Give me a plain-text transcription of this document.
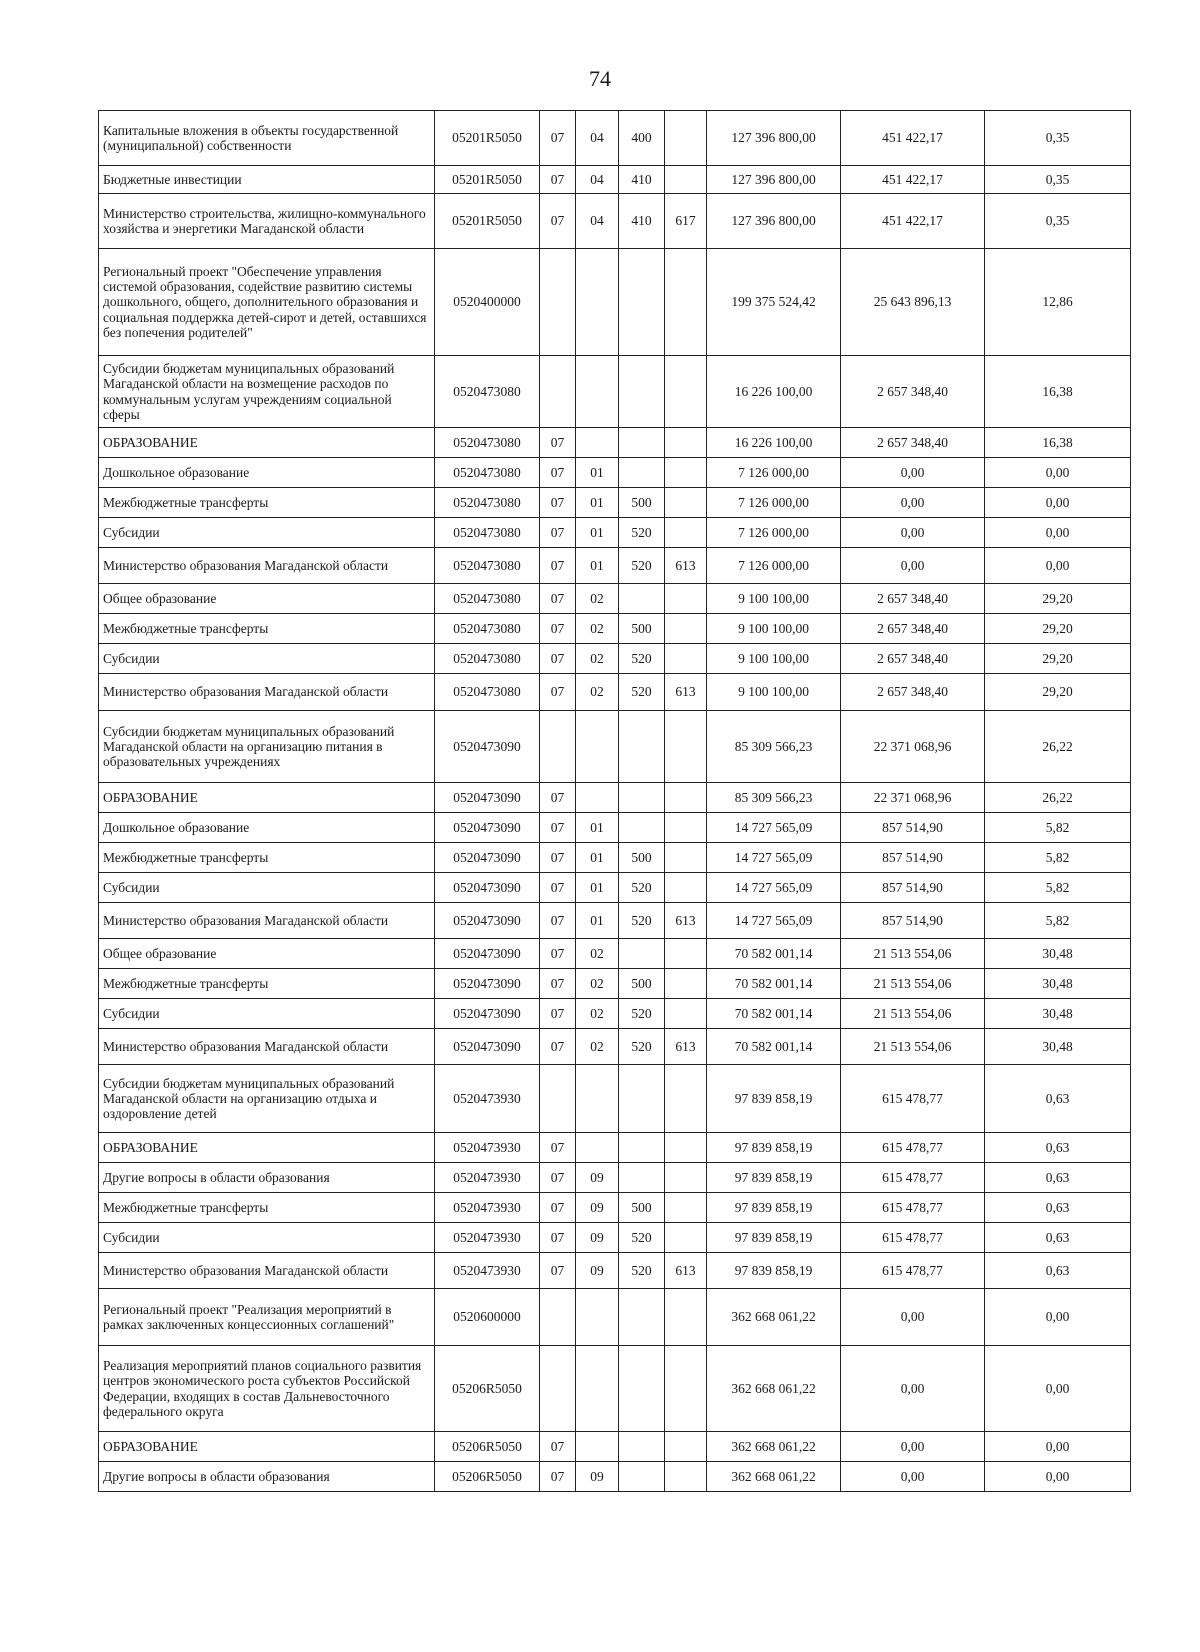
74
Капитальные вложения в объекты государственной (муниципальной) собственности	05201R5050	07	04	400		127 396 800,00	451 422,17	0,35
Бюджетные инвестиции	05201R5050	07	04	410		127 396 800,00	451 422,17	0,35
Министерство строительства, жилищно-коммунального хозяйства и энергетики Магаданской области	05201R5050	07	04	410	617	127 396 800,00	451 422,17	0,35
Региональный проект "Обеспечение управления системой образования, содействие развитию системы дошкольного, общего, дополнительного образования и социальная поддержка детей-сирот и детей, оставшихся без попечения родителей"	0520400000					199 375 524,42	25 643 896,13	12,86
Субсидии бюджетам муниципальных образований Магаданской области на возмещение расходов по коммунальным услугам учреждениям социальной сферы	0520473080					16 226 100,00	2 657 348,40	16,38
ОБРАЗОВАНИЕ	0520473080	07				16 226 100,00	2 657 348,40	16,38
Дошкольное образование	0520473080	07	01			7 126 000,00	0,00	0,00
Межбюджетные трансферты	0520473080	07	01	500		7 126 000,00	0,00	0,00
Субсидии	0520473080	07	01	520		7 126 000,00	0,00	0,00
Министерство образования Магаданской области	0520473080	07	01	520	613	7 126 000,00	0,00	0,00
Общее образование	0520473080	07	02			9 100 100,00	2 657 348,40	29,20
Межбюджетные трансферты	0520473080	07	02	500		9 100 100,00	2 657 348,40	29,20
Субсидии	0520473080	07	02	520		9 100 100,00	2 657 348,40	29,20
Министерство образования Магаданской области	0520473080	07	02	520	613	9 100 100,00	2 657 348,40	29,20
Субсидии бюджетам муниципальных образований Магаданской области на организацию питания в образовательных учреждениях	0520473090					85 309 566,23	22 371 068,96	26,22
ОБРАЗОВАНИЕ	0520473090	07				85 309 566,23	22 371 068,96	26,22
Дошкольное образование	0520473090	07	01			14 727 565,09	857 514,90	5,82
Межбюджетные трансферты	0520473090	07	01	500		14 727 565,09	857 514,90	5,82
Субсидии	0520473090	07	01	520		14 727 565,09	857 514,90	5,82
Министерство образования Магаданской области	0520473090	07	01	520	613	14 727 565,09	857 514,90	5,82
Общее образование	0520473090	07	02			70 582 001,14	21 513 554,06	30,48
Межбюджетные трансферты	0520473090	07	02	500		70 582 001,14	21 513 554,06	30,48
Субсидии	0520473090	07	02	520		70 582 001,14	21 513 554,06	30,48
Министерство образования Магаданской области	0520473090	07	02	520	613	70 582 001,14	21 513 554,06	30,48
Субсидии бюджетам муниципальных образований Магаданской области на организацию отдыха и оздоровление детей	0520473930					97 839 858,19	615 478,77	0,63
ОБРАЗОВАНИЕ	0520473930	07				97 839 858,19	615 478,77	0,63
Другие вопросы в области образования	0520473930	07	09			97 839 858,19	615 478,77	0,63
Межбюджетные трансферты	0520473930	07	09	500		97 839 858,19	615 478,77	0,63
Субсидии	0520473930	07	09	520		97 839 858,19	615 478,77	0,63
Министерство образования Магаданской области	0520473930	07	09	520	613	97 839 858,19	615 478,77	0,63
Региональный проект "Реализация мероприятий в рамках заключенных концессионных соглашений"	0520600000					362 668 061,22	0,00	0,00
Реализация мероприятий планов социального развития центров экономического роста субъектов Российской Федерации, входящих в состав Дальневосточного федерального округа	05206R5050					362 668 061,22	0,00	0,00
ОБРАЗОВАНИЕ	05206R5050	07				362 668 061,22	0,00	0,00
Другие вопросы в области образования	05206R5050	07	09			362 668 061,22	0,00	0,00
